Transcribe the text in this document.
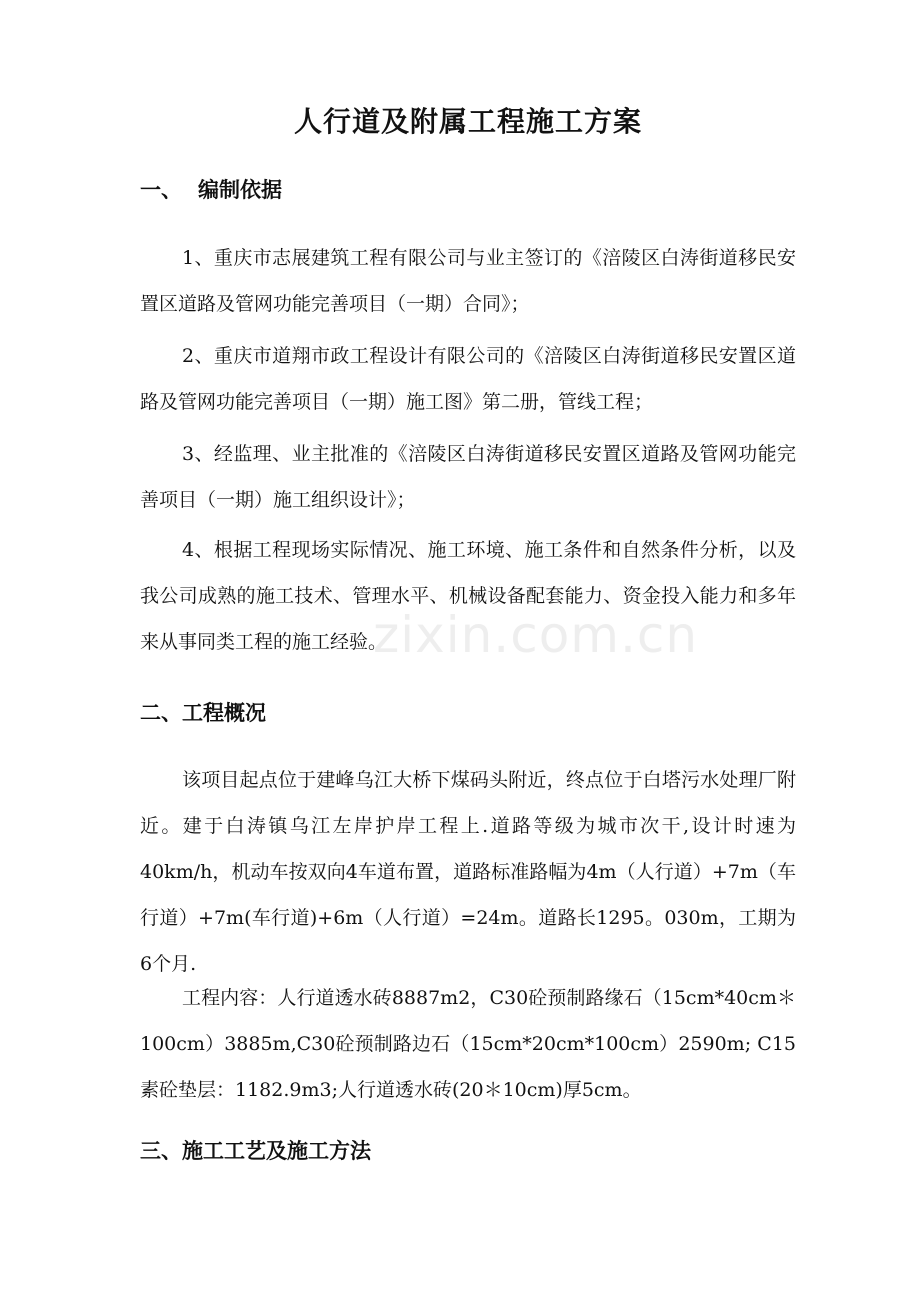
人行道及附属工程施工方案
一、 编制依据

1、重庆市志展建筑工程有限公司与业主签订的《涪陵区白涛街道移民安置区道路及管网功能完善项目（一期）合同》；

2、重庆市道翔市政工程设计有限公司的《涪陵区白涛街道移民安置区道路及管网功能完善项目（一期）施工图》第二册，管线工程；

3、经监理、业主批准的《涪陵区白涛街道移民安置区道路及管网功能完善项目（一期）施工组织设计》；

4、根据工程现场实际情况、施工环境、施工条件和自然条件分析，以及我公司成熟的施工技术、管理水平、机械设备配套能力、资金投入能力和多年来从事同类工程的施工经验。

二、工程概况

该项目起点位于建峰乌江大桥下煤码头附近，终点位于白塔污水处理厂附近。建于白涛镇乌江左岸护岸工程上.道路等级为城市次干,设计时速为40km/h，机动车按双向4车道布置，道路标准路幅为4m（人行道）+7m（车行道）+7m(车行道)+6m（人行道）=24m。道路长1295。030m，工期为6个月.

工程内容：人行道透水砖8887m2，C30砼预制路缘石（15cm*40cm＊100cm）3885m,C30砼预制路边石（15cm*20cm*100cm）2590m; C15素砼垫层：1182.9m3;人行道透水砖(20＊10cm)厚5cm。

三、施工工艺及施工方法
zixin.com.cn
